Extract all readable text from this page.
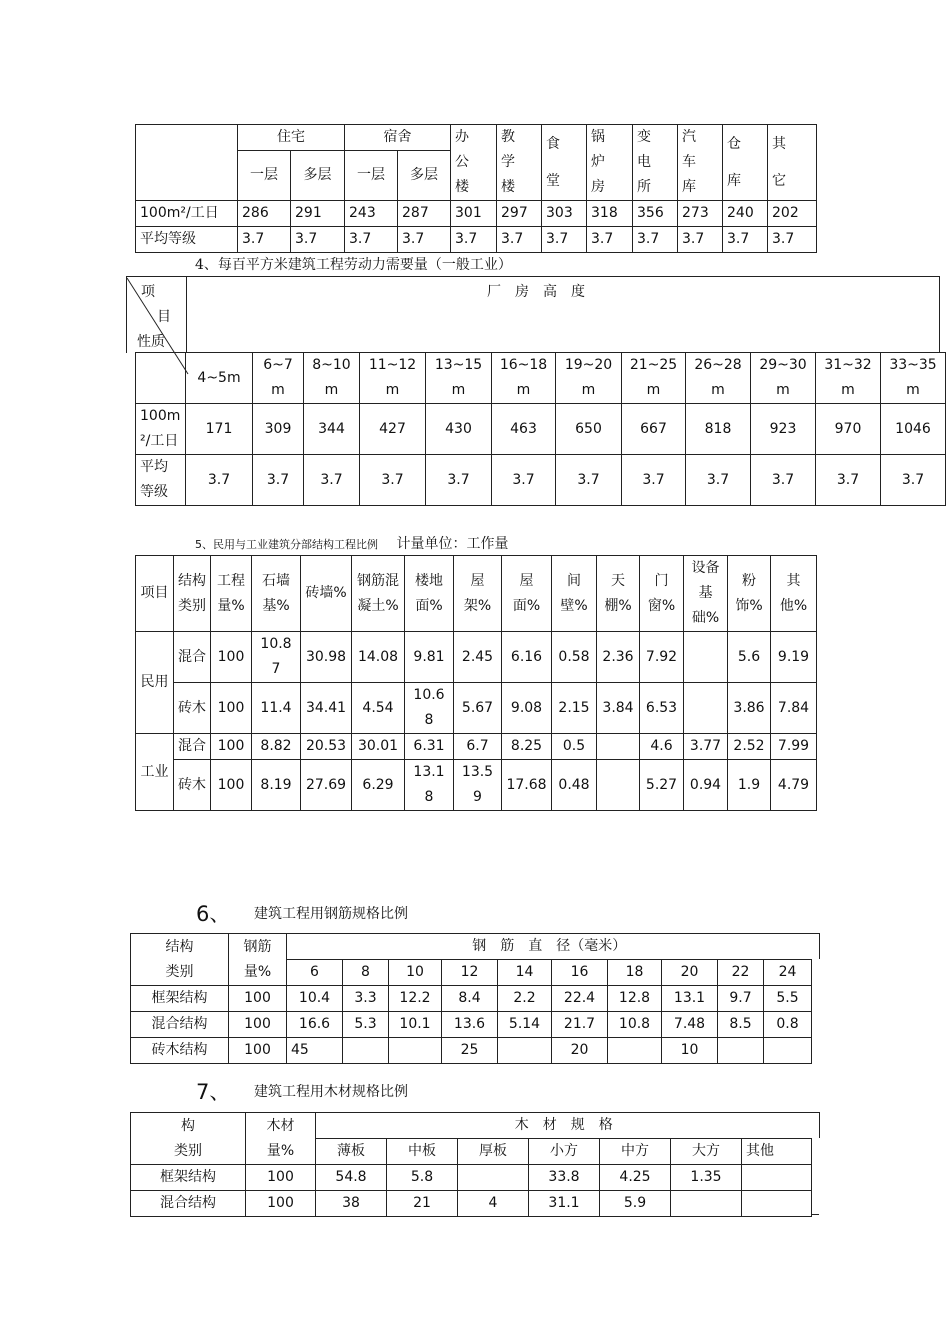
	住宅		宿舍		办公楼	教学楼	食堂	锅炉房	变电所	汽车库	仓库	其它

	一层	多层	一层	多层								
100m²/工日	286	291	243	287	301	297	303	318	356	273	240	202
平均等级	3.7	3.7	3.7	3.7	3.7	3.7	3.7	3.7	3.7	3.7	3.7	3.7
4、每百平方米建筑工程劳动力需要量（一般工业）
项
目
性质
厂　房　高　度
	4~5m	6~7m	8~10m	11~12m	13~15m	16~18m	19~20m	21~25m	26~28m	29~30m	31~32m	33~35m
100m²/工日	171	309	344	427	430	463	650	667	818	923	970	1046
平均等级	3.7	3.7	3.7	3.7	3.7	3.7	3.7	3.7	3.7	3.7	3.7	3.7
5、民用与工业建筑分部结构工程比例 计量单位：工作量
项目	结构类别	工程量%	石墙基%	砖墙%	钢筋混凝土%	楼地面%	屋架%	屋面%	间壁%	天棚%	门窗%	设备基础%	粉饰%	其他%
民用	混合	100	10.87	30.98	14.08	9.81	2.45	6.16	0.58	2.36	7.92		5.6	9.19
	砖木	100	11.4	34.41	4.54	10.68	5.67	9.08	2.15	3.84	6.53		3.86	7.84
工业	混合	100	8.82	20.53	30.01	6.31	6.7	8.25	0.5		4.6	3.77	2.52	7.99
	砖木	100	8.19	27.69	6.29	13.18	13.59	17.68	0.48		5.27	0.94	1.9	4.79
6、 建筑工程用钢筋规格比例
结构
类别	钢筋
量%	钢　筋　直　径（毫米）									
		6	8	10	12	14	16	18	20	22	24
框架结构	100	10.4	3.3	12.2	8.4	2.2	22.4	12.8	13.1	9.7	5.5
混合结构	100	16.6	5.3	10.1	13.6	5.14	21.7	10.8	7.48	8.5	0.8
砖木结构	100	45			25		20		10		
7、 建筑工程用木材规格比例
构
类别	木材
量%	木　材　规　格						
		薄板	中板	厚板	小方	中方	大方	其他
框架结构	100	54.8	5.8		33.8	4.25	1.35	
混合结构	100	38	21	4	31.1	5.9		
